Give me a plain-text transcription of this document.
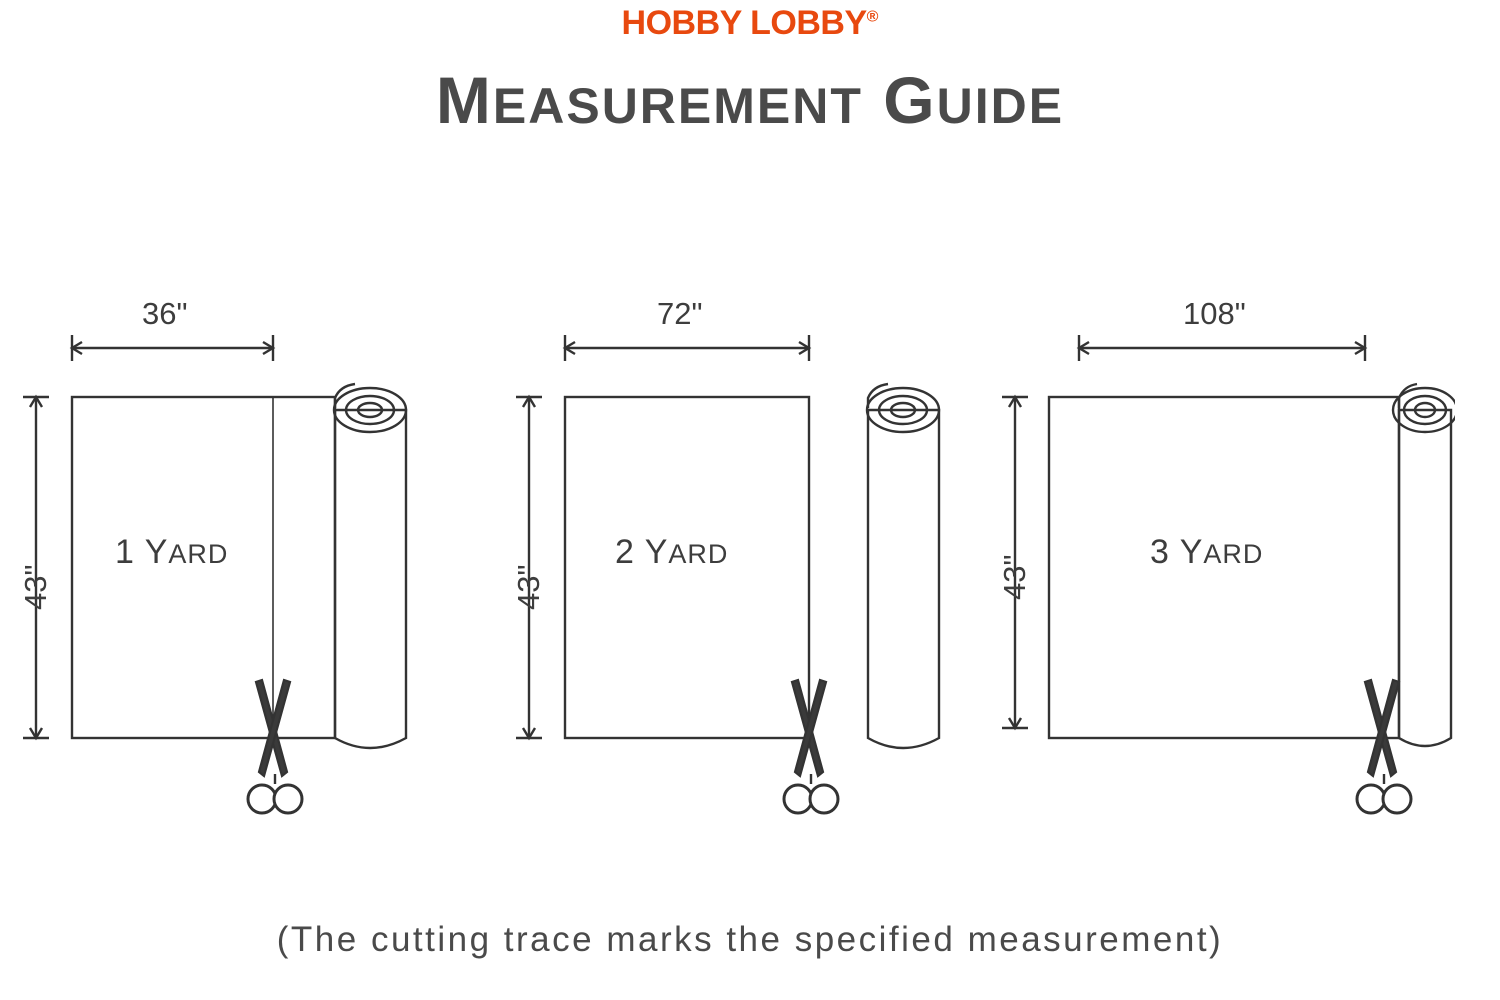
HOBBY LOBBY®
MEASUREMENT GUIDE
36"
43"
1 YARD
72"
43"
2 YARD
108"
43"
3 YARD
(The cutting trace marks the specified measurement)
